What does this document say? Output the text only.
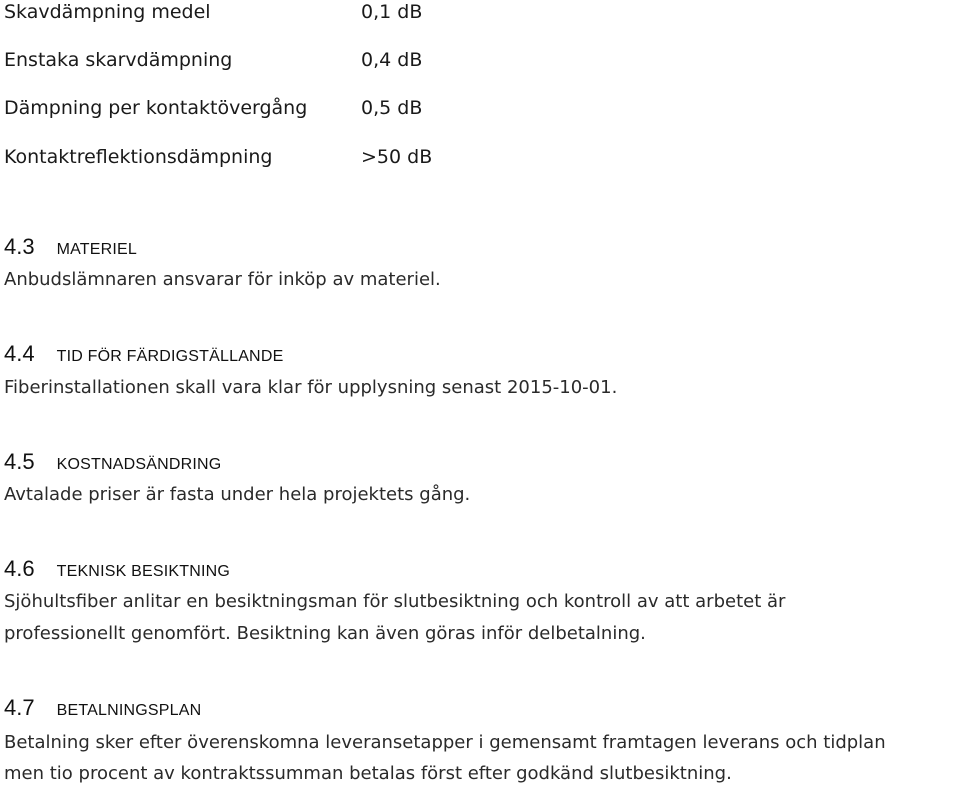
Skavdämpning medel	0,1 dB
Enstaka skarvdämpning	0,4 dB
Dämpning per kontaktövergång	0,5 dB
Kontaktreflektionsdämpning	>50 dB
4.3 MATERIEL
Anbudslämnaren ansvarar för inköp av materiel.
4.4 TID FÖR FÄRDIGSTÄLLANDE
Fiberinstallationen skall vara klar för upplysning senast 2015-10-01.
4.5 KOSTNADSÄNDRING
Avtalade priser är fasta under hela projektets gång.
4.6 TEKNISK BESIKTNING
Sjöhultsfiber anlitar en besiktningsman för slutbesiktning och kontroll av att arbetet är
professionellt genomfört. Besiktning kan även göras inför delbetalning.
4.7 BETALNINGSPLAN
Betalning sker efter överenskomna leveransetapper i gemensamt framtagen leverans och tidplan
men tio procent av kontraktssumman betalas först efter godkänd slutbesiktning.
